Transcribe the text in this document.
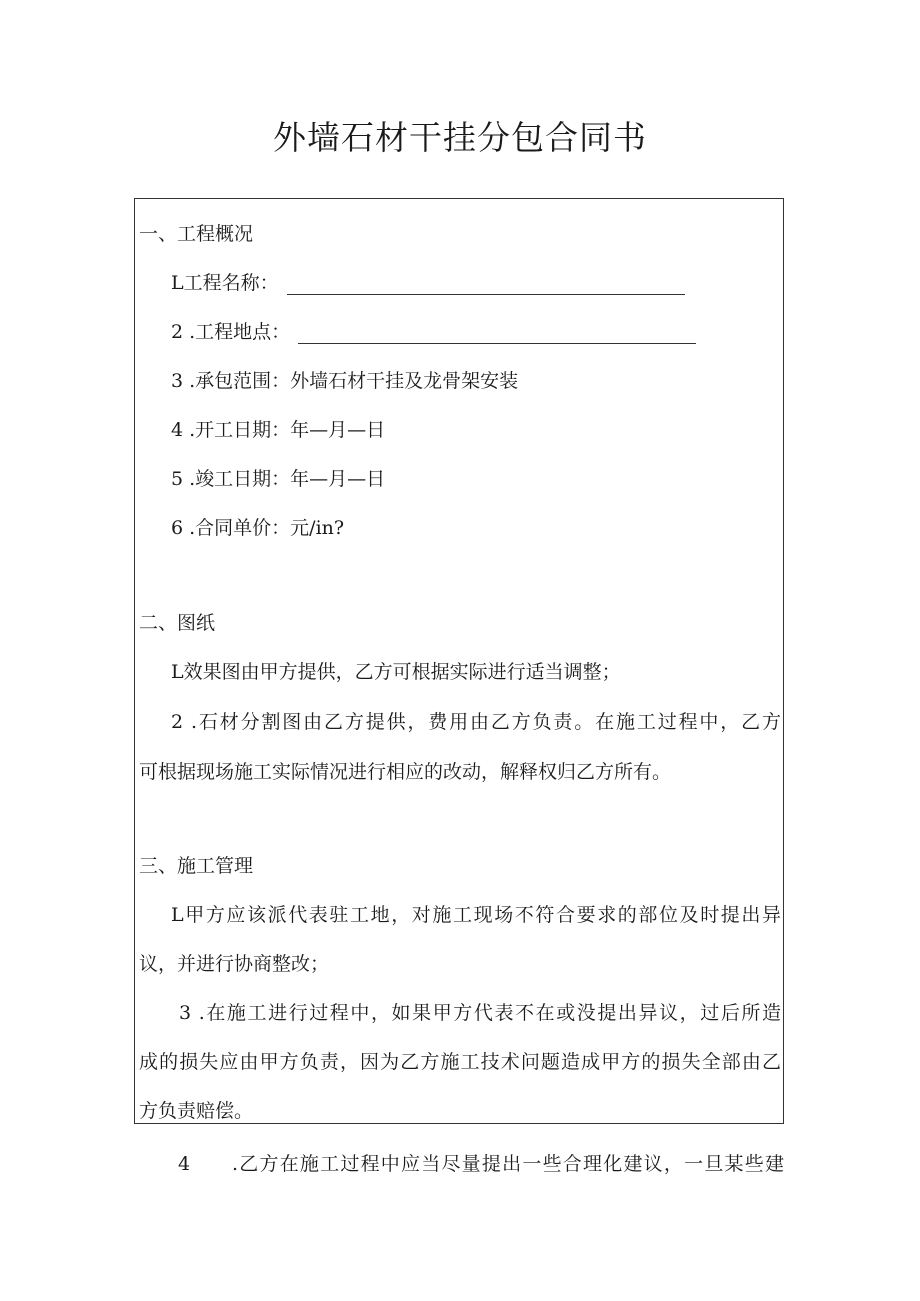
外墙石材干挂分包合同书
一、工程概况
L工程名称：
2 .工程地点：
3 .承包范围：外墙石材干挂及龙骨架安装
4 .开工日期：年—月—日
5 .竣工日期：年—月—日
6 .合同单价：元/in?
二、图纸
L效果图由甲方提供，乙方可根据实际进行适当调整；
2 .石材分割图由乙方提供，费用由乙方负责。在施工过程中，乙方
可根据现场施工实际情况进行相应的改动，解释权归乙方所有。
三、施工管理
L甲方应该派代表驻工地，对施工现场不符合要求的部位及时提出异
议，并进行协商整改；
3 .在施工进行过程中，如果甲方代表不在或没提出异议，过后所造
成的损失应由甲方负责，因为乙方施工技术问题造成甲方的损失全部由乙
方负责赔偿。
4 .乙方在施工过程中应当尽量提出一些合理化建议，一旦某些建
